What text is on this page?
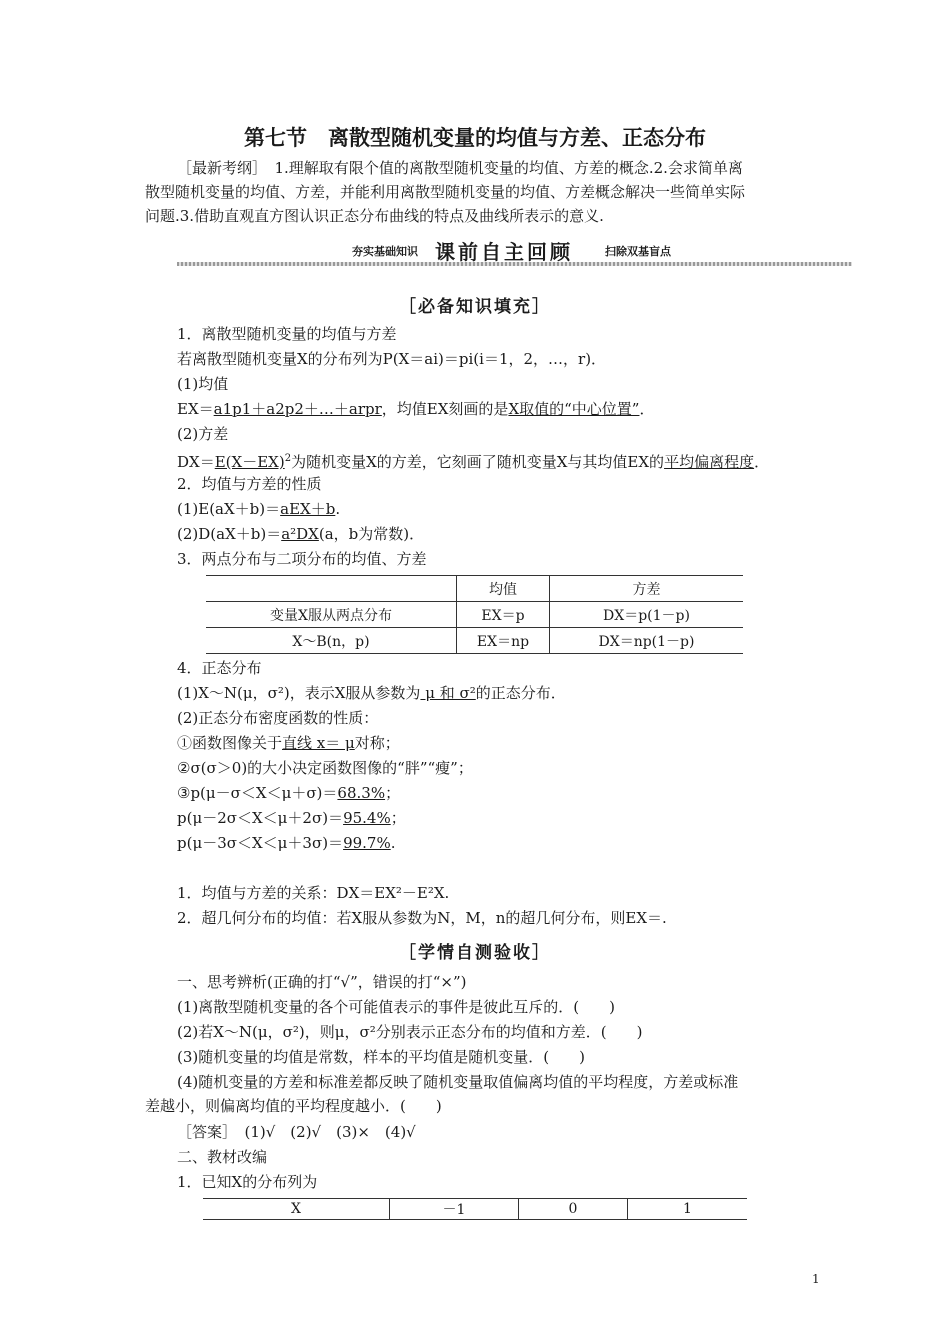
第七节　离散型随机变量的均值与方差、正态分布
［最新考纲］　1.理解取有限个值的离散型随机变量的均值、方差的概念.2.会求简单离
散型随机变量的均值、方差，并能利用离散型随机变量的均值、方差概念解决一些简单实际
问题.3.借助直观直方图认识正态分布曲线的特点及曲线所表示的意义.
夯实基础知识 课前自主回顾	扫除双基盲点
［必备知识填充］
1．离散型随机变量的均值与方差
若离散型随机变量X的分布列为P(X＝ai)＝pi(i＝1，2，…，r)．
(1)均值
EX＝a1p1＋a2p2＋…＋arpr，均值EX刻画的是X取值的“中心位置”．
(2)方差
$DX=E(X-EX)^2$为随机变量X的方差，它刻画了随机变量X与其均值EX的平均偏离程度．
2．均值与方差的性质
(1)E(aX＋b)＝aEX＋b.
(2)D(aX＋b)＝a²DX(a，b为常数)．
3．两点分布与二项分布的均值、方差
	均值	方差
变量X服从两点分布	EX＝p	DX＝p(1－p)
X～B(n，p)	EX＝np	DX＝np(1－p)
4．正态分布
(1)X～N(μ，σ²)，表示X服从参数为 μ 和 σ²的正态分布．
(2)正态分布密度函数的性质：
①函数图像关于直线 x＝ μ对称；
②σ(σ＞0)的大小决定函数图像的“胖”“瘦”；
③p(μ－σ＜X＜μ＋σ)＝68.3%；
p(μ－2σ＜X＜μ＋2σ)＝95.4%；
p(μ－3σ＜X＜μ＋3σ)＝99.7%.
1．均值与方差的关系：DX＝EX²－E²X.
2．超几何分布的均值：若X服从参数为N，M，n的超几何分布，则EX＝.
［学情自测验收］
一、思考辨析(正确的打“√”，错误的打“×”)
(1)离散型随机变量的各个可能值表示的事件是彼此互斥的．(　　)
(2)若X～N(μ，σ²)，则μ，σ²分别表示正态分布的均值和方差．(　　)
(3)随机变量的均值是常数，样本的平均值是随机变量．(　　)
(4)随机变量的方差和标准差都反映了随机变量取值偏离均值的平均程度，方差或标准
差越小，则偏离均值的平均程度越小．(　　)
［答案］　(1)√　(2)√　(3)×　(4)√
二、教材改编
1．已知X的分布列为
X	－1	0	1
1
